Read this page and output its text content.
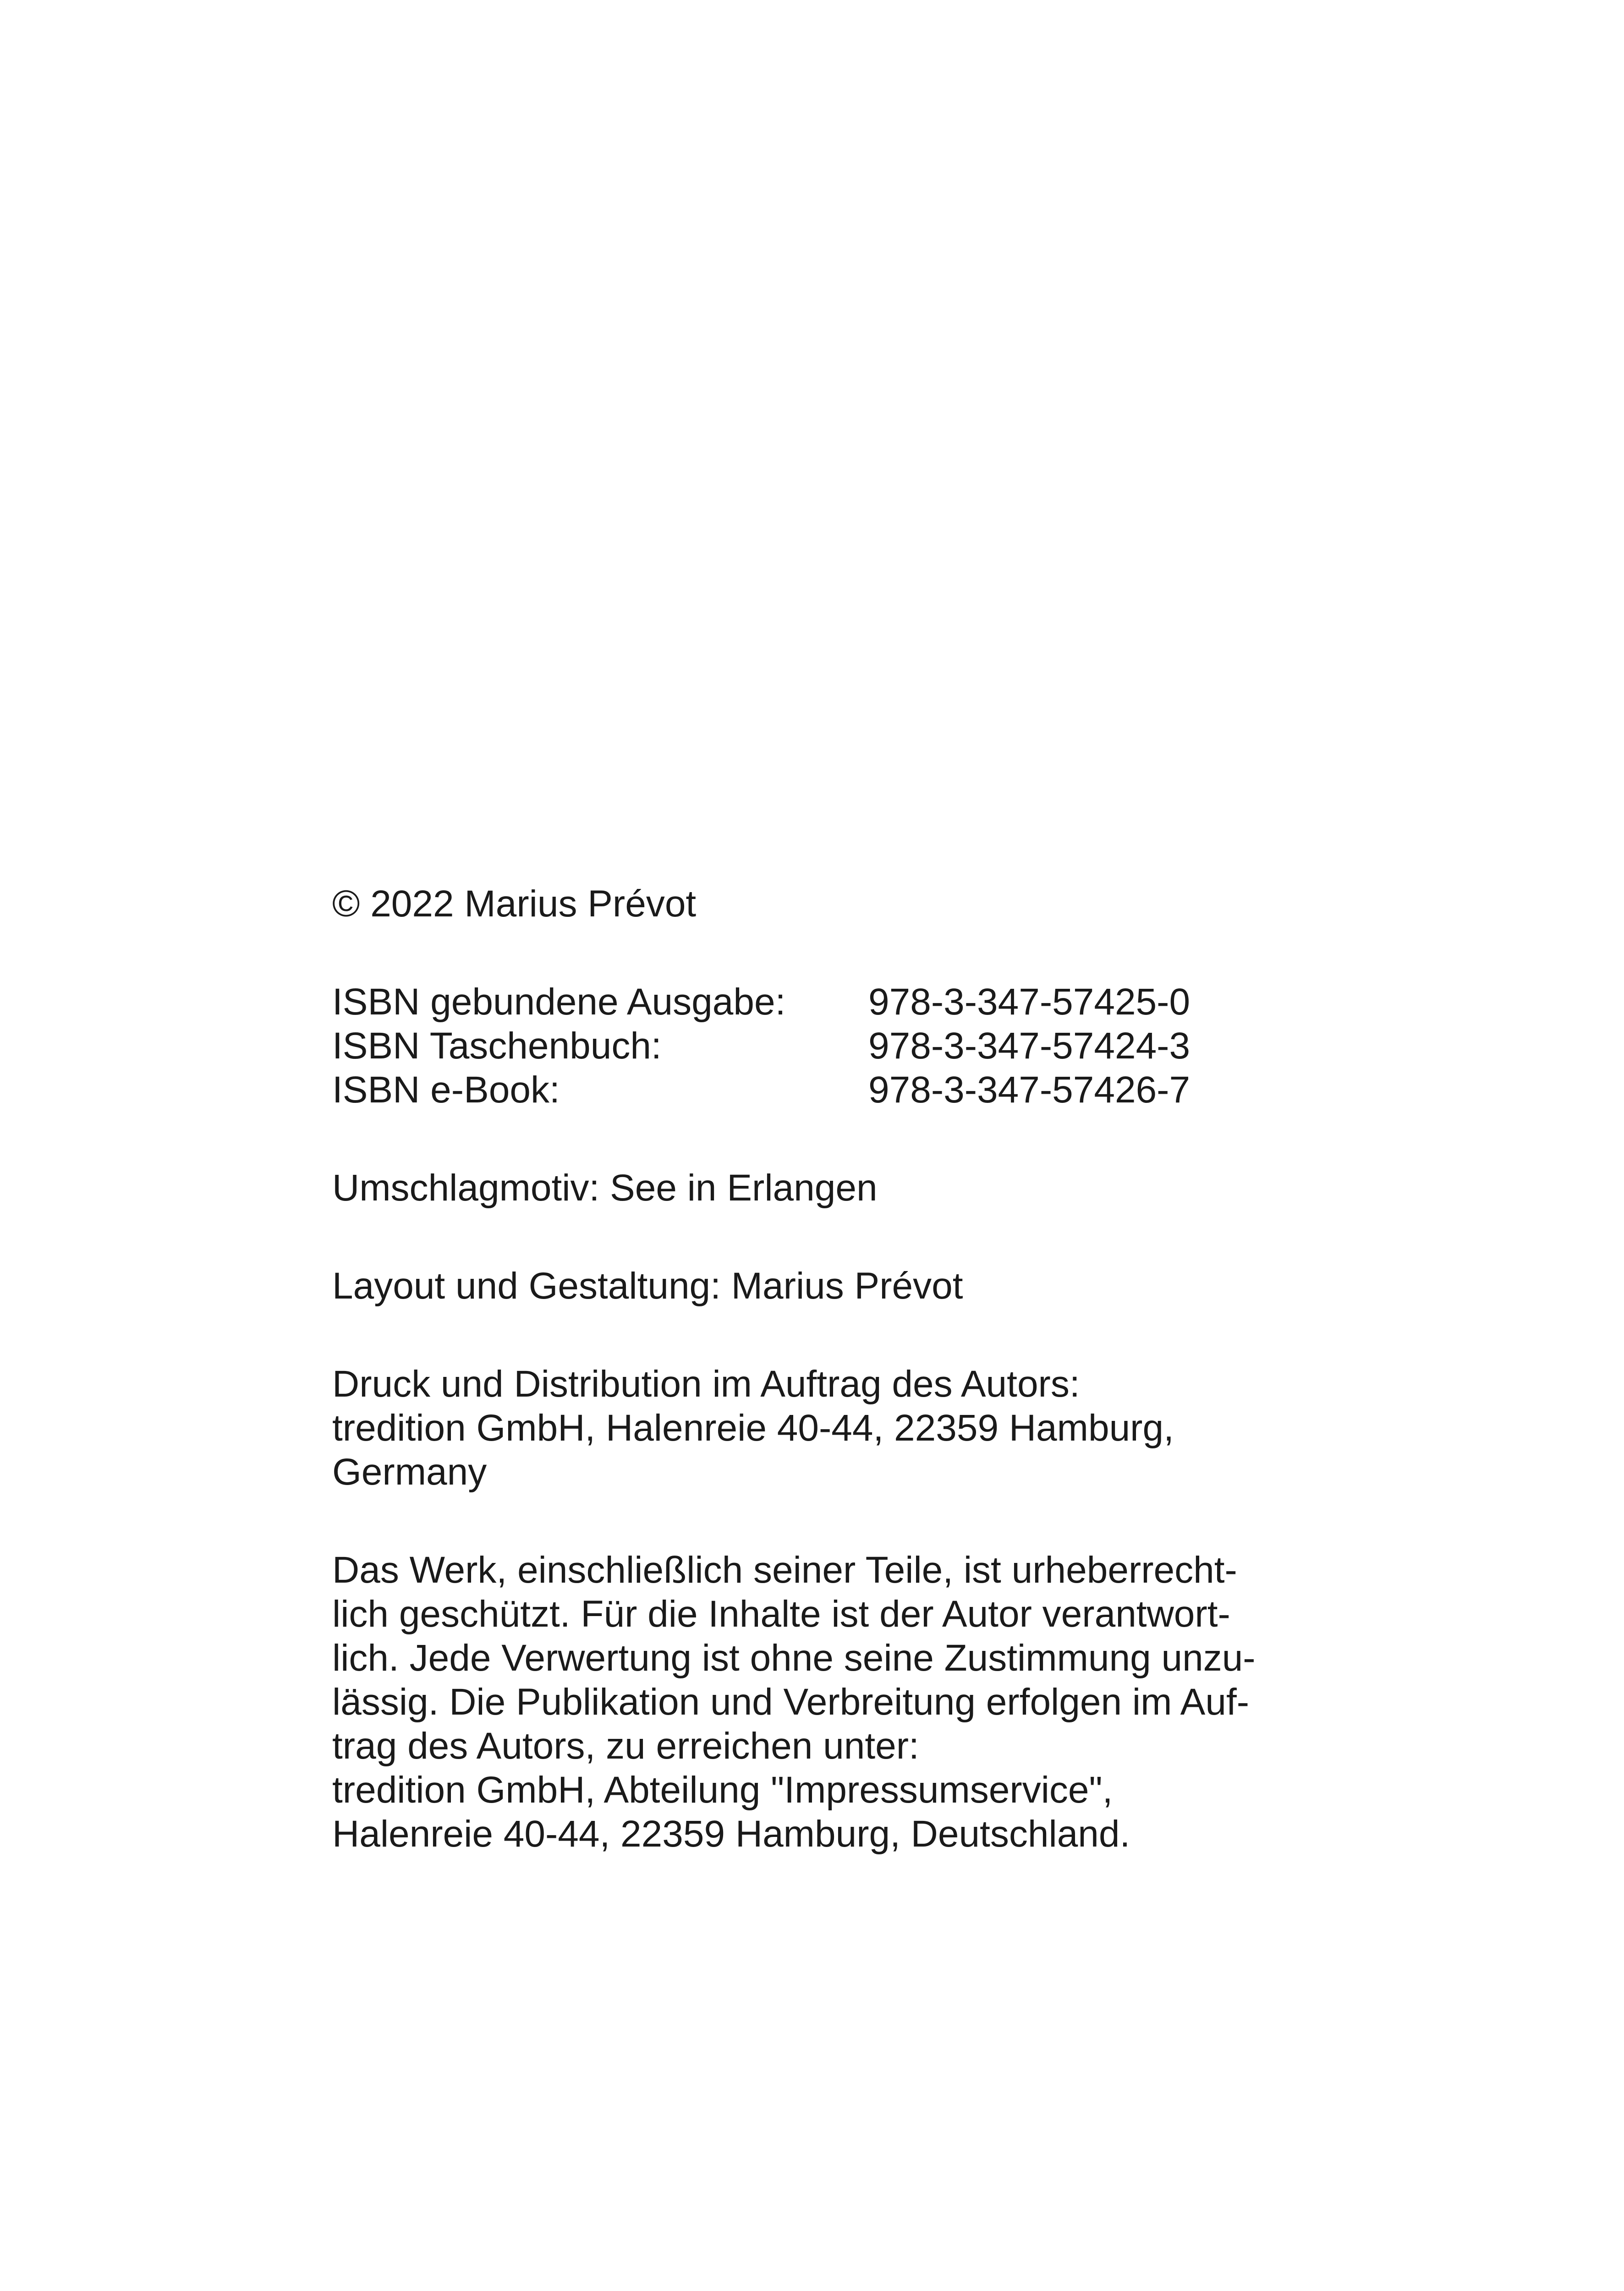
© 2022 Marius Prévot
ISBN gebundene Ausgabe:	978-3-347-57425-0
ISBN Taschenbuch:	978-3-347-57424-3
ISBN e-Book:	978-3-347-57426-7
Umschlagmotiv: See in Erlangen
Layout und Gestaltung: Marius Prévot
Druck und Distribution im Auftrag des Autors:
tredition GmbH, Halenreie 40-44, 22359 Hamburg,
Germany
Das Werk, einschließlich seiner Teile, ist urheberrecht-
lich geschützt. Für die Inhalte ist der Autor verantwort-
lich. Jede Verwertung ist ohne seine Zustimmung unzu-
lässig. Die Publikation und Verbreitung erfolgen im Auf-
trag des Autors, zu erreichen unter:
tredition GmbH, Abteilung "Impressumservice",
Halenreie 40-44, 22359 Hamburg, Deutschland.
